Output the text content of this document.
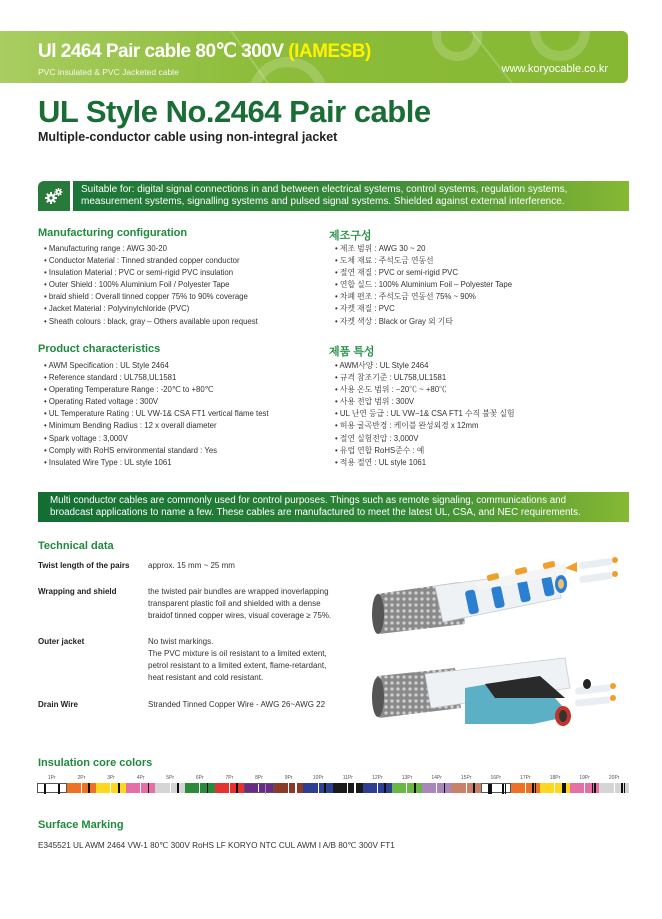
Ul 2464 Pair cable 80℃ 300V (IAMESB)
PVC insulated & PVC Jacketed cable	www.koryocable.co.kr
UL Style No.2464 Pair cable
Multiple-conductor cable using non-integral jacket
Suitable for: digital signal connections in and between electrical systems, control systems, regulation systems,
measurement systems, signalling systems and pulsed signal systems. Shielded against external interference.
Manufacturing configuration
• Manufacturing range : AWG 30-20
• Conductor Material : Tinned stranded copper conductor
• Insulation Material : PVC or semi-rigid PVC insulation
• Outer Shield : 100% Aluminium Foil / Polyester Tape
• braid shield : Overall tinned copper 75% to 90% coverage
• Jacket Material : Polyvinylchloride (PVC)
• Sheath colours : black, gray – Others available upon request
제조구성
• 제조 범위 : AWG 30 ~ 20
• 도체 재료 : 주석도금 연동선
• 절연 재질 : PVC or semi-rigid PVC
• 연합 실드 : 100% Aluminium Foil – Polyester Tape
• 차폐 편조 : 주석도금 연동선 75% ~ 90%
• 자켓 재질 : PVC
• 자켓 색상 : Black or Gray 외 기타
Product characteristics
• AWM Specification : UL Style 2464
• Reference standard : UL758,UL1581
• Operating Temperature Range : -20℃ to +80℃
• Operating Rated voltage : 300V
• UL Temperature Rating : UL VW-1& CSA FT1 vertical flame test
• Minimum Bending Radius : 12 x overall diameter
• Spark voltage : 3,000V
• Comply with RoHS environmental standard : Yes
• Insulated Wire Type : UL style 1061
제품 특성
• AWM사양 : UL Style 2464
• 규격 참조기준 : UL758,UL1581
• 사용 온도 범위 : −20℃ ~ +80℃
• 사용 전압 범위 : 300V
• UL 난연 등급 : UL VW−1& CSA FT1 수직 불꽃 실험
• 허용 굴곡반경 : 케이블 완성외경 x 12mm
• 절연 실험전압 : 3,000V
• 유럽 연합 RoHS준수 : 예
• 적용 절연 : UL style 1061
Multi conductor cables are commonly used for control purposes. Things such as remote signaling, communications and
broadcast applications to name a few. These cables are manufactured to meet the latest UL, CSA, and NEC requirements.
Technical data
Twist length of the pairs approx. 15 mm ~ 25 mm
Wrapping and shield	the twisted pair bundles are wrapped inoverlapping
transparent plastic foil and shielded with a dense
braidof tinned copper wires, visual coverage ≥ 75%.
Outer jacket	No twist markings.
The PVC mixture is oil resistant to a limited extent,
petrol resistant to a limited extent, flame-retardant,
heat resistant and cold resistant.
Drain Wire	Stranded Tinned Copper Wire - AWG 26~AWG 22
Insulation core colors
1Pr	2Pr	3Pr	4Pr	5Pr	6Pr	7Pr	8Pr	9Pr	10Pr	11Pr	12Pr	13Pr	14Pr	15Pr	16Pr	17Pr	18Pr	19Pr	20Pr
Surface Marking
E345521 UL AWM 2464 VW-1 80℃ 300V RoHS LF KORYO NTC CUL AWM I A/B 80℃ 300V FT1
